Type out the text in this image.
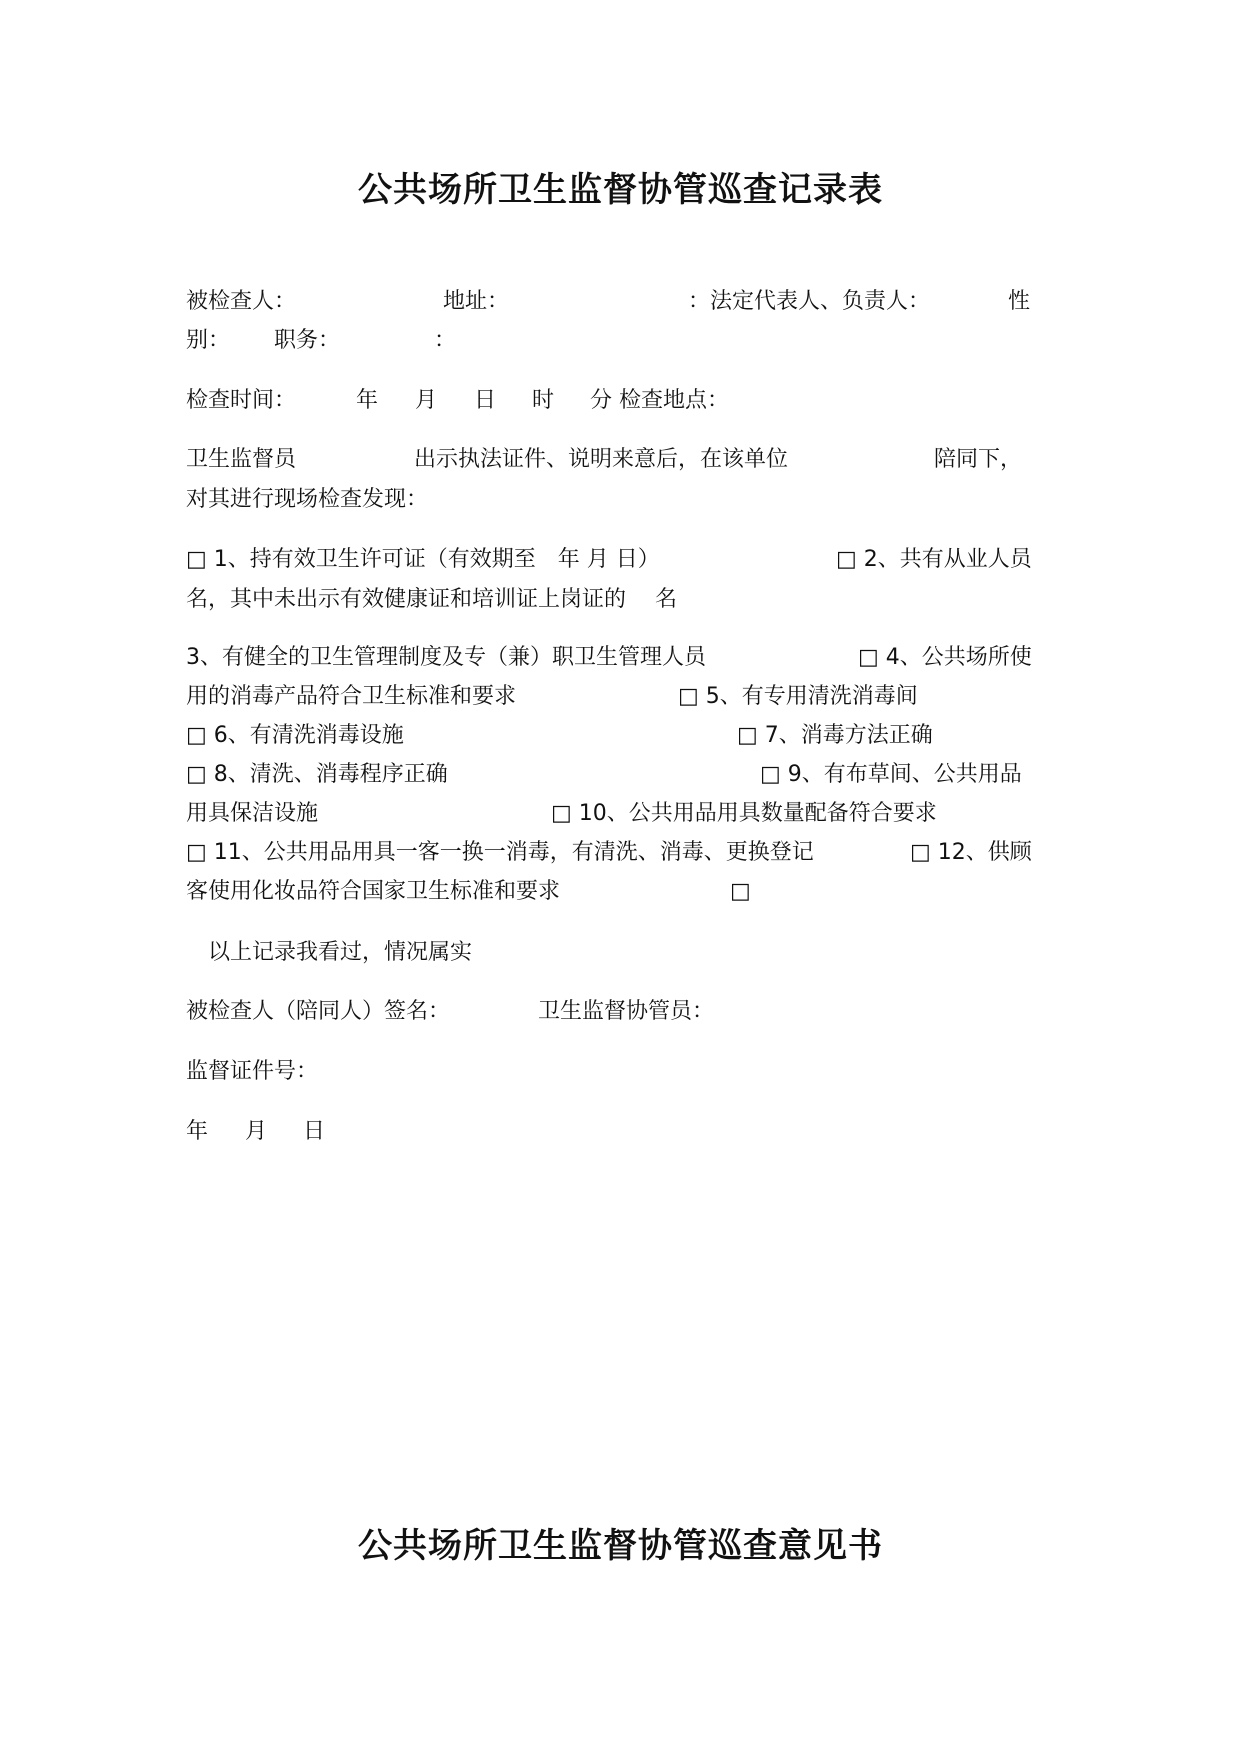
公共场所卫生监督协管巡查记录表
被检查人：	地址：	： 法定代表人、负责人：	性
别： 职务：	：
检查时间：	年 月 日 时 分 检查地点：
卫生监督员	出示执法证件、说明来意后，在该单位	陪同下，
对其进行现场检查发现：
□ 1、持有效卫生许可证（有效期至　年 月 日）	□ 2、共有从业人员
名，其中未出示有效健康证和培训证上岗证的　 名
3、有健全的卫生管理制度及专（兼）职卫生管理人员	□ 4、公共场所使
用的消毒产品符合卫生标准和要求	□ 5、有专用清洗消毒间
□ 6、有清洗消毒设施	□ 7、消毒方法正确
□ 8、清洗、消毒程序正确	□ 9、有布草间、公共用品
用具保洁设施	□ 10、公共用品用具数量配备符合要求
□ 11、公共用品用具一客一换一消毒，有清洗、消毒、更换登记	□ 12、供顾
客使用化妆品符合国家卫生标准和要求	□
以上记录我看过，情况属实
被检查人（陪同人）签名：	卫生监督协管员：
监督证件号：
年 月 日
公共场所卫生监督协管巡查意见书
